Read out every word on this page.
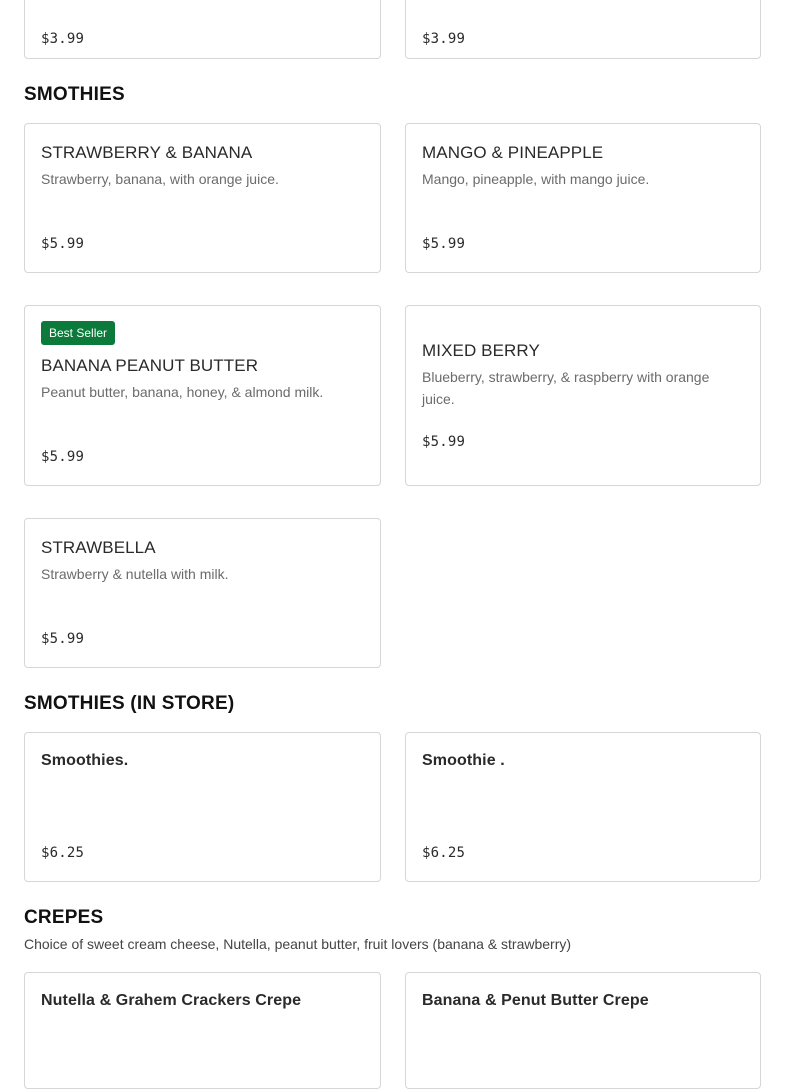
$3.99	$3.99
SMOTHIES
STRAWBERRY & BANANA
Strawberry, banana, with orange juice.
$5.99
MANGO & PINEAPPLE
Mango, pineapple, with mango juice.
$5.99
Best Seller
BANANA PEANUT BUTTER
Peanut butter, banana, honey, & almond milk.
$5.99
MIXED BERRY
Blueberry, strawberry, & raspberry with orange juice.
$5.99
STRAWBELLA
Strawberry & nutella with milk.
$5.99
SMOTHIES (IN STORE)
Smoothies.
$6.25
Smoothie .
$6.25
CREPES
Choice of sweet cream cheese, Nutella, peanut butter, fruit lovers (banana & strawberry)
Nutella & Grahem Crackers Crepe	Banana & Penut Butter Crepe
